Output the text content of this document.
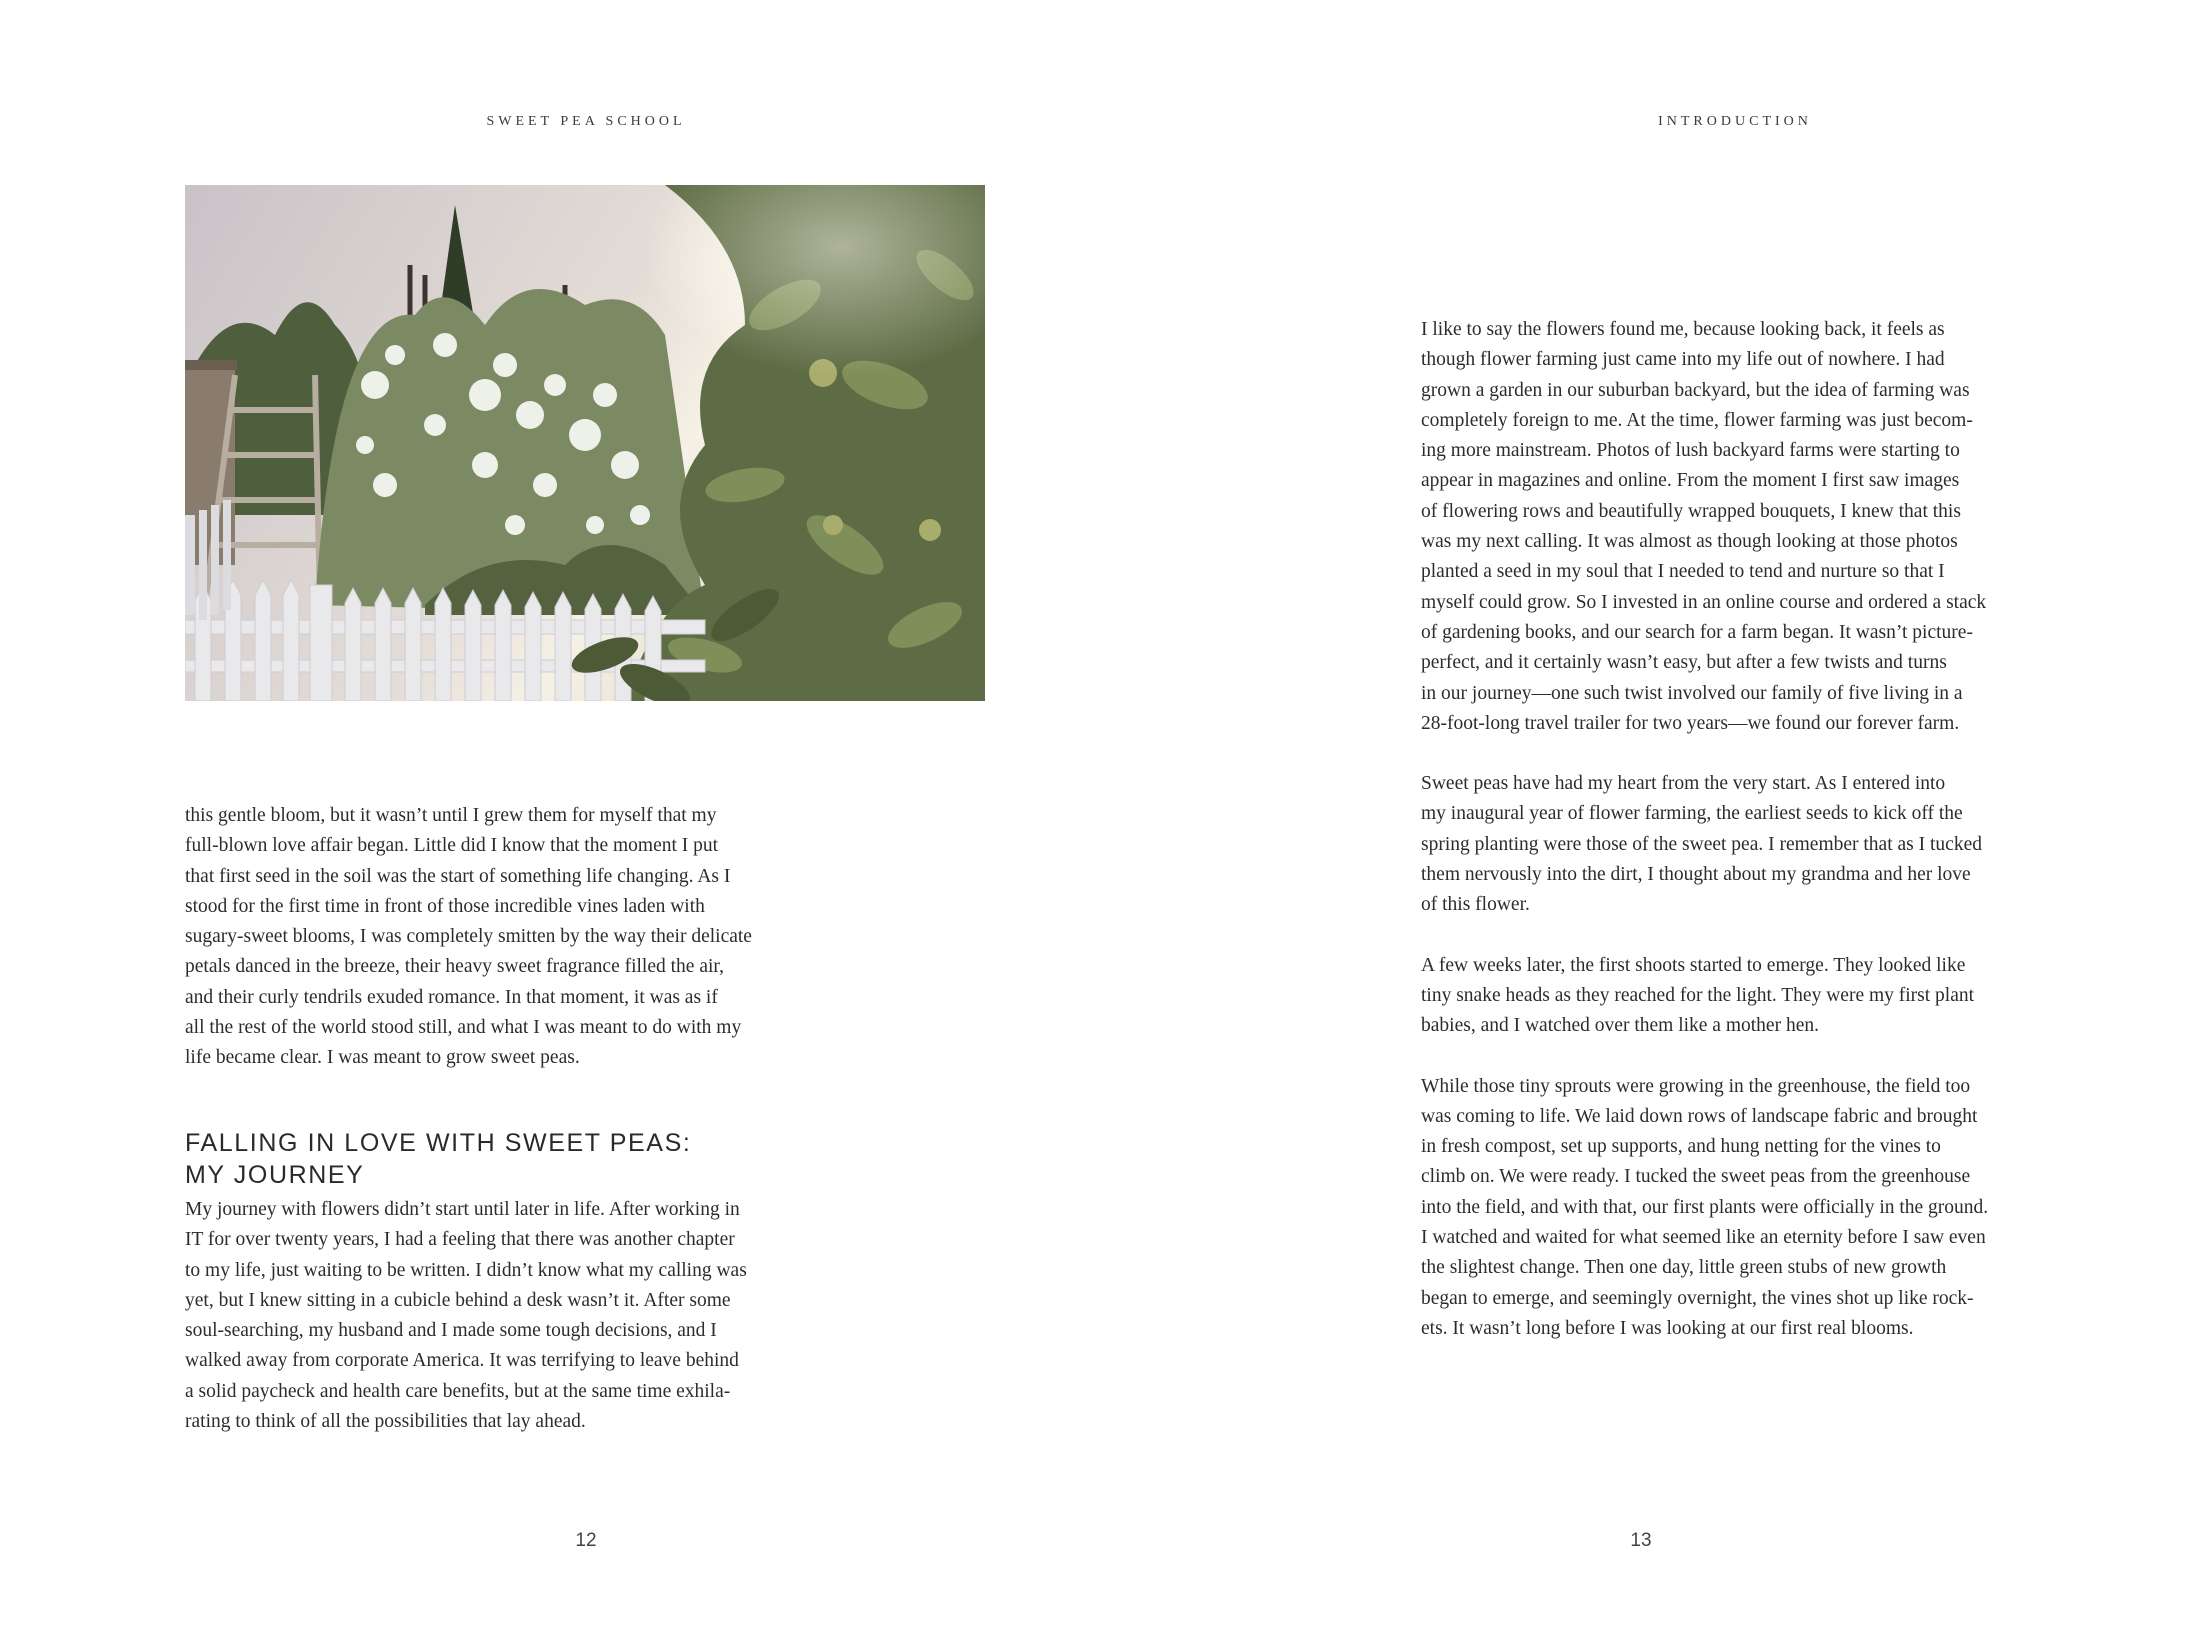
SWEET PEA SCHOOL
this gentle bloom, but it wasn’t until I grew them for myself that my
full-blown love affair began. Little did I know that the moment I put
that first seed in the soil was the start of something life changing. As I
stood for the first time in front of those incredible vines laden with
sugary-sweet blooms, I was completely smitten by the way their delicate
petals danced in the breeze, their heavy sweet fragrance filled the air,
and their curly tendrils exuded romance. In that moment, it was as if
all the rest of the world stood still, and what I was meant to do with my
life became clear. I was meant to grow sweet peas.
FALLING IN LOVE WITH SWEET PEAS:
MY JOURNEY
My journey with flowers didn’t start until later in life. After working in
IT for over twenty years, I had a feeling that there was another chapter
to my life, just waiting to be written. I didn’t know what my calling was
yet, but I knew sitting in a cubicle behind a desk wasn’t it. After some
soul-searching, my husband and I made some tough decisions, and I
walked away from corporate America. It was terrifying to leave behind
a solid paycheck and health care benefits, but at the same time exhila-
rating to think of all the possibilities that lay ahead.
12
INTRODUCTION
I like to say the flowers found me, because looking back, it feels as
though flower farming just came into my life out of nowhere. I had
grown a garden in our suburban backyard, but the idea of farming was
completely foreign to me. At the time, flower farming was just becom-
ing more mainstream. Photos of lush backyard farms were starting to
appear in magazines and online. From the moment I first saw images
of flowering rows and beautifully wrapped bouquets, I knew that this
was my next calling. It was almost as though looking at those photos
planted a seed in my soul that I needed to tend and nurture so that I
myself could grow. So I invested in an online course and ordered a stack
of gardening books, and our search for a farm began. It wasn’t picture-
perfect, and it certainly wasn’t easy, but after a few twists and turns
in our journey—one such twist involved our family of five living in a
28-foot-long travel trailer for two years—we found our forever farm.
Sweet peas have had my heart from the very start. As I entered into
my inaugural year of flower farming, the earliest seeds to kick off the
spring planting were those of the sweet pea. I remember that as I tucked
them nervously into the dirt, I thought about my grandma and her love
of this flower.
A few weeks later, the first shoots started to emerge. They looked like
tiny snake heads as they reached for the light. They were my first plant
babies, and I watched over them like a mother hen.
While those tiny sprouts were growing in the greenhouse, the field too
was coming to life. We laid down rows of landscape fabric and brought
in fresh compost, set up supports, and hung netting for the vines to
climb on. We were ready. I tucked the sweet peas from the greenhouse
into the field, and with that, our first plants were officially in the ground.
I watched and waited for what seemed like an eternity before I saw even
the slightest change. Then one day, little green stubs of new growth
began to emerge, and seemingly overnight, the vines shot up like rock-
ets. It wasn’t long before I was looking at our first real blooms.
13
